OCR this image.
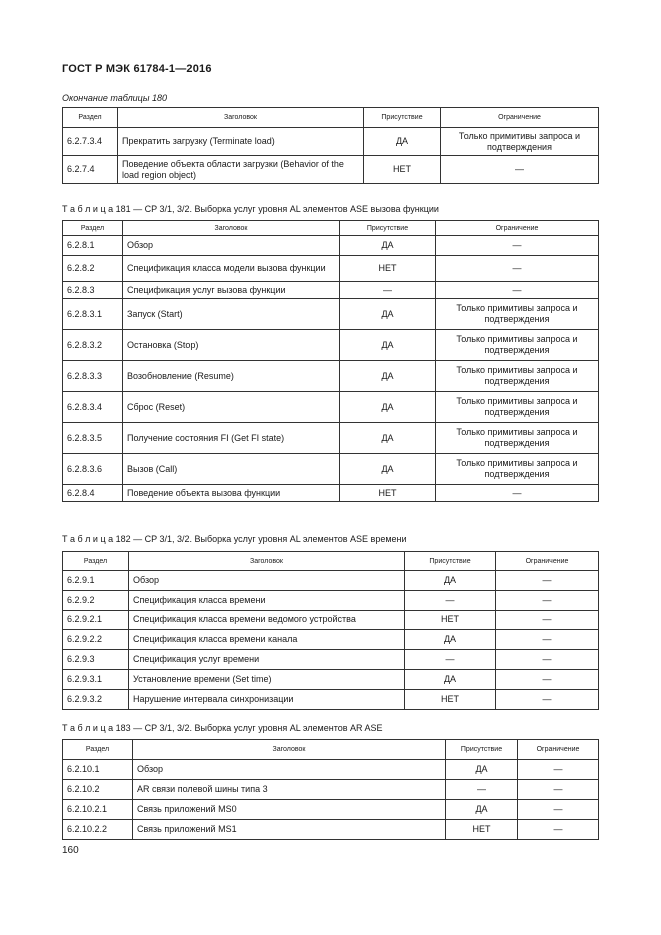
ГОСТ Р МЭК 61784-1—2016
Окончание таблицы 180
Раздел	Заголовок	Присутствие	Ограничение
6.2.7.3.4	Прекратить загрузку (Terminate load)	ДА	Только примитивы запроса и подтверждения
6.2.7.4	Поведение объекта области загрузки (Behavior of the load region object)	НЕТ	—
Т а б л и ц а 181 — CP 3/1, 3/2. Выборка услуг уровня AL элементов ASE вызова функции
Раздел	Заголовок	Присутствие	Ограничение
6.2.8.1	Обзор	ДА	—
6.2.8.2	Спецификация класса модели вызова функции	НЕТ	—
6.2.8.3	Спецификация услуг вызова функции	—	—
6.2.8.3.1	Запуск (Start)	ДА	Только примитивы запроса и подтверждения
6.2.8.3.2	Остановка (Stop)	ДА	Только примитивы запроса и подтверждения
6.2.8.3.3	Возобновление (Resume)	ДА	Только примитивы запроса и подтверждения
6.2.8.3.4	Сброс (Reset)	ДА	Только примитивы запроса и подтверждения
6.2.8.3.5	Получение состояния FI (Get FI state)	ДА	Только примитивы запроса и подтверждения
6.2.8.3.6	Вызов (Call)	ДА	Только примитивы запроса и подтверждения
6.2.8.4	Поведение объекта вызова функции	НЕТ	—
Т а б л и ц а 182 — CP 3/1, 3/2. Выборка услуг уровня AL элементов ASE времени
Раздел	Заголовок	Присутствие	Ограничение
6.2.9.1	Обзор	ДА	—
6.2.9.2	Спецификация класса времени	—	—
6.2.9.2.1	Спецификация класса времени ведомого устройства	НЕТ	—
6.2.9.2.2	Спецификация класса времени канала	ДА	—
6.2.9.3	Спецификация услуг времени	—	—
6.2.9.3.1	Установление времени (Set time)	ДА	—
6.2.9.3.2	Нарушение интервала синхронизации	НЕТ	—
Т а б л и ц а 183 — CP 3/1, 3/2. Выборка услуг уровня AL элементов AR ASE
Раздел	Заголовок	Присутствие	Ограничение
6.2.10.1	Обзор	ДА	—
6.2.10.2	AR связи полевой шины типа 3	—	—
6.2.10.2.1	Связь приложений MS0	ДА	—
6.2.10.2.2	Связь приложений MS1	НЕТ	—
160
